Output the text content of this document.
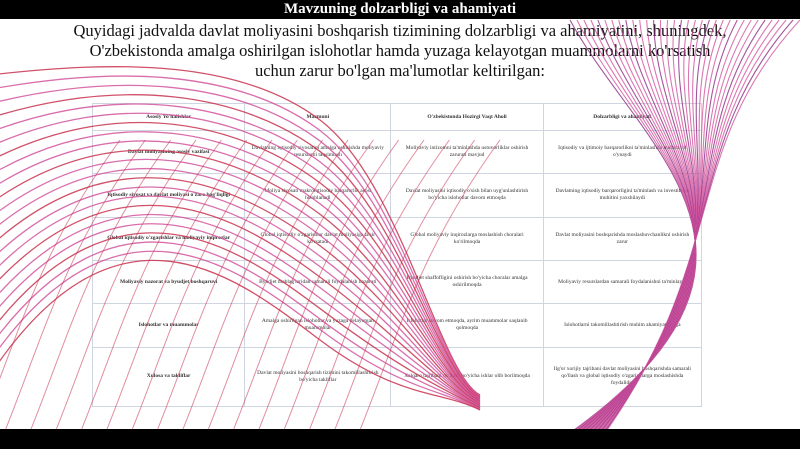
Mavzuning dolzarbligi va ahamiyati
Quyidagi jadvalda davlat moliyasini boshqarish tizimining dolzarbligi va ahamiyatini, shuningdek, O'zbekistonda amalga oshirilgan islohotlar hamda yuzaga kelayotgan muammolarni ko'rsatish uchun zarur bo'lgan ma'lumotlar keltirilgan:
Asosiy Yo'nalishlar	Mazmuni	O'zbekistonda Hozirgi Vaqt Aholi	Dolzarbligi va ahamiyati
Davlat moliyasining asosiy vazifasi	Davlatning iqtisodiy siyosatini amalga oshirishda moliyaviy resurslarni taqsimlash	Moliyaviy intizomni ta'minlashda ustuvorliklar oshirish zarurati mavjud	Iqtisodiy va ijtimoiy barqarorlikni ta'minlashda muhim rol o'ynaydi
Iqtisodiy siyosat va davlat moliyasi o'zaro bog'liqligi	Moliya siyosati makroiqtisodiy barqarorlik asosi hisoblanadi	Davlat moliyasini iqtisodiy o'sish bilan uyg'unlashtirish bo'yicha islohotlar davom etmoqda	Davlatning iqtisodiy barqarorligini ta'minlash va investitsiya muhitini yaxshilaydi
Global iqtisodiy o'zgarishlar va moliyaviy inqirozlar	Global iqtisodiy o'zgarishlar davlat moliyasiga ta'sir ko'rsatadi	Global moliyaviy inqirozlarga moslashish choralari ko'rilmoqda	Davlat moliyasini boshqarishda moslashuvchanlikni oshirish zarur
Moliyaviy nazorat va byudjet boshqaruvi	Byudjet mablag'laridan samarali foydalanish nazorati	Byudjet shaffofligini oshirish bo'yicha choralar amalga oshirilmoqda	Moliyaviy resurslardan samarali foydalanishni ta'minlaydi
Islohotlar va muammolar	Amalga oshirilgan islohotlar va yuzaga kelayotgan muammolar	Islohotlar davom etmoqda, ayrim muammolar saqlanib qolmoqda	Islohotlarni takomillashtirish muhim ahamiyatga ega
Xulosa va takliflar	Davlat moliyasini boshqarish tizimini takomillashtirish bo'yicha takliflar	Xalqaro tajribani qo'llash bo'yicha ishlar olib borilmoqda	Ilg'or xorijiy tajribani davlat moliyasini boshqarishda samarali qo'llash va global iqtisodiy o'zgarishlarga moslashishda foydalidir.
